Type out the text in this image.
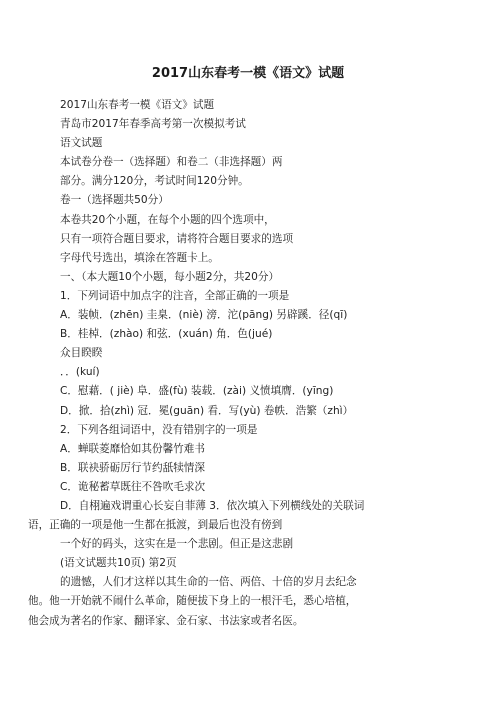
2017山东春考一模《语文》试题
2017山东春考一模《语文》试题
青岛市2017年春季高考第一次模拟考试
语文试题
本试卷分卷一（选择题）和卷二（非选择题）两
部分。满分120分，考试时间120分钟。
卷一（选择题共50分）
本卷共20个小题，在每个小题的四个选项中，
只有一项符合题目要求，请将符合题目要求的选项
字母代号选出，填涂在答题卡上。
一、（本大题10个小题，每小题2分，共20分）
1．下列词语中加点字的注音，全部正确的一项是
A．装帧．(zhēn) 圭臬．(niè) 滂．沱(pāng) 另辟蹊．径(qī)
B．桂棹．(zhào) 和弦．(xuán) 角．色(jué)
众目睽睽
．．(kuí)
C．慰藉．( jiè) 阜．盛(fù) 装载．(zài) 义愤填膺．(yīng)
D．掀．拾(zhì) 冠．冕(guān) 看．写(yù) 卷帙．浩繁（zhì）
2．下列各组词语中，没有错别字的一项是
A．蝉联菱靡恰如其份馨竹难书
B．联袂骄砺厉行节约舐犊情深
C．诡秘蓄草既往不咎吹毛求次
D．自栩遍戏谓重心长妄自菲薄 3．依次填入下列横线处的关联词
语，正确的一项是他一生都在抵渡，到最后也没有傍到
一个好的码头，这实在是一个悲剧。但正是这悲剧
(语文试题共10页) 第2页
的遗憾，人们才这样以其生命的一倍、两倍、十倍的岁月去纪念
他。他一开始就不闹什么革命，随便拔下身上的一根汗毛，悉心培植，
他会成为著名的作家、翻译家、金石家、书法家或者名医。
